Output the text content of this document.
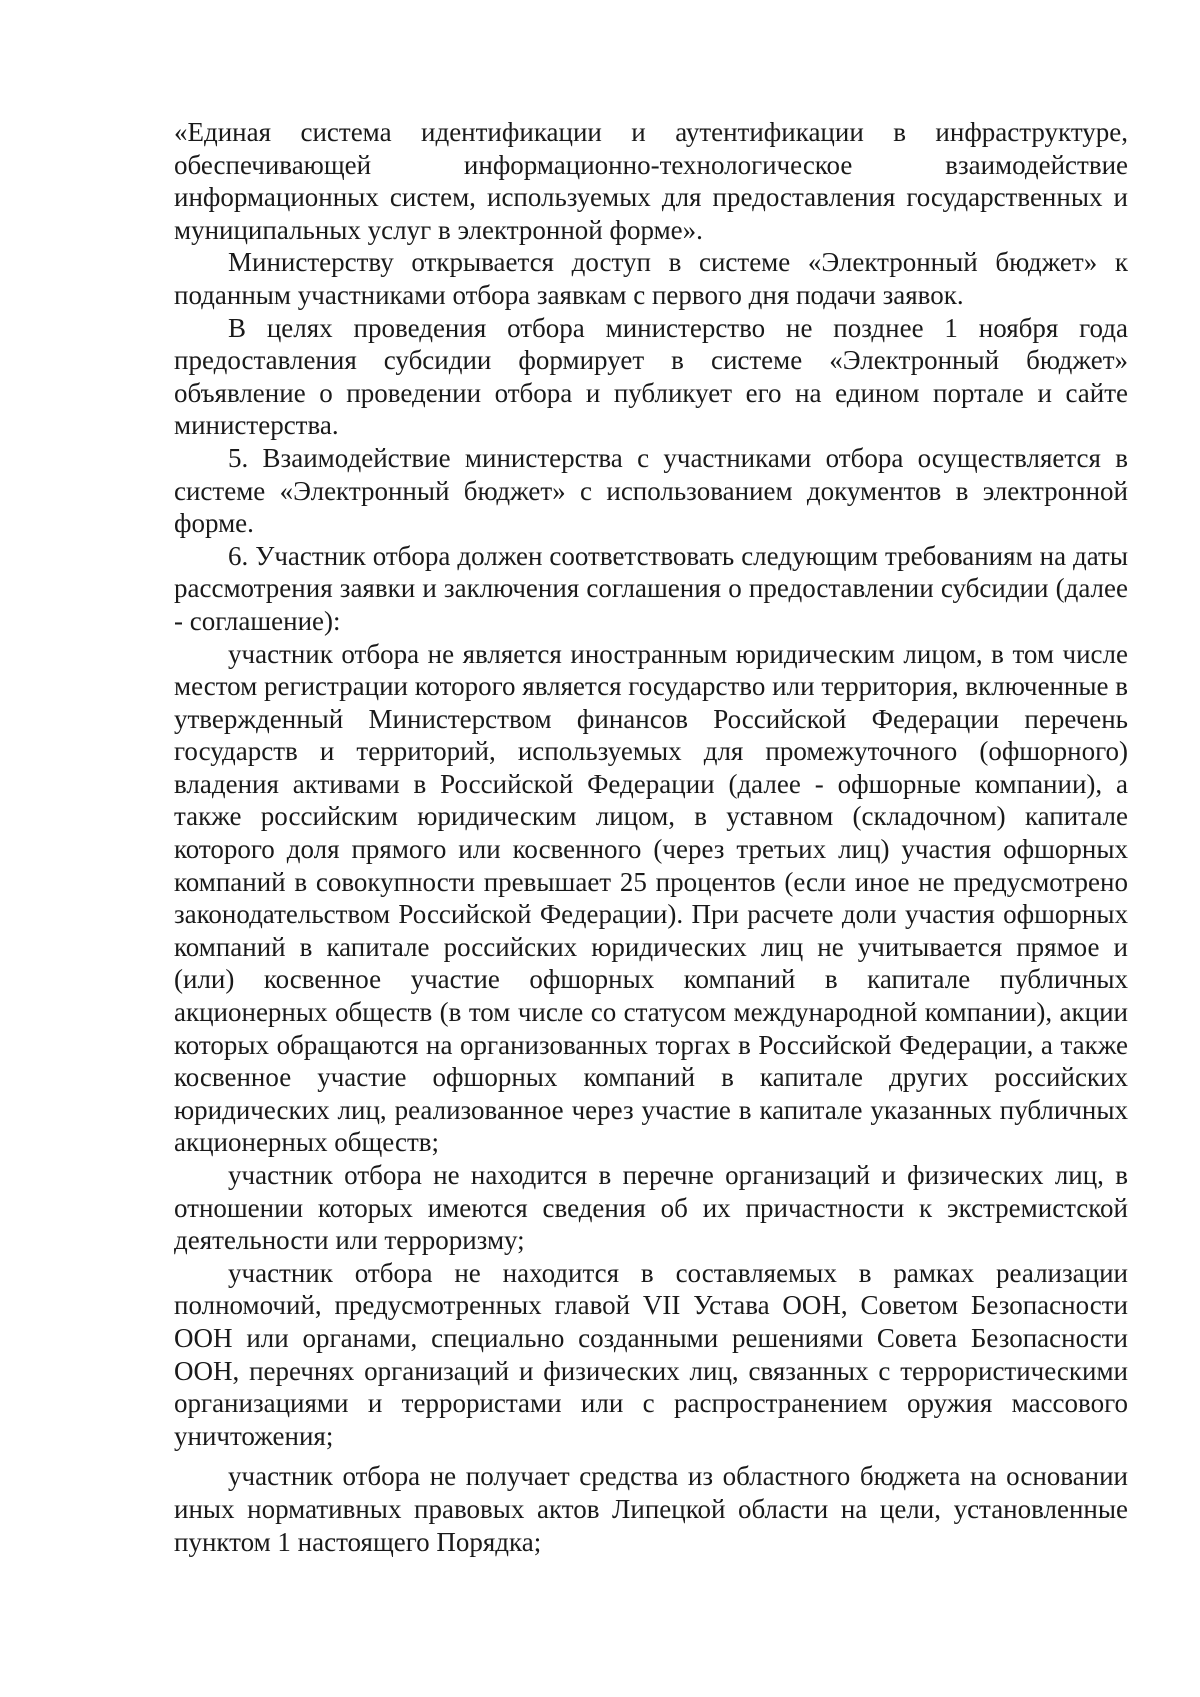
«Единая система идентификации и аутентификации в инфраструктуре, обеспечивающей информационно-технологическое взаимодействие информационных систем, используемых для предоставления государственных и муниципальных услуг в электронной форме».

Министерству открывается доступ в системе «Электронный бюджет» к поданным участниками отбора заявкам с первого дня подачи заявок.

В целях проведения отбора министерство не позднее 1 ноября года предоставления субсидии формирует в системе «Электронный бюджет» объявление о проведении отбора и публикует его на едином портале и сайте министерства.

5. Взаимодействие министерства с участниками отбора осуществляется в системе «Электронный бюджет» с использованием документов в электронной форме.

6. Участник отбора должен соответствовать следующим требованиям на даты рассмотрения заявки и заключения соглашения о предоставлении субсидии (далее - соглашение):

участник отбора не является иностранным юридическим лицом, в том числе местом регистрации которого является государство или территория, включенные в утвержденный Министерством финансов Российской Федерации перечень государств и территорий, используемых для промежуточного (офшорного) владения активами в Российской Федерации (далее - офшорные компании), а также российским юридическим лицом, в уставном (складочном) капитале которого доля прямого или косвенного (через третьих лиц) участия офшорных компаний в совокупности превышает 25 процентов (если иное не предусмотрено законодательством Российской Федерации). При расчете доли участия офшорных компаний в капитале российских юридических лиц не учитывается прямое и (или) косвенное участие офшорных компаний в капитале публичных акционерных обществ (в том числе со статусом международной компании), акции которых обращаются на организованных торгах в Российской Федерации, а также косвенное участие офшорных компаний в капитале других российских юридических лиц, реализованное через участие в капитале указанных публичных акционерных обществ;

участник отбора не находится в перечне организаций и физических лиц, в отношении которых имеются сведения об их причастности к экстремистской деятельности или терроризму;

участник отбора не находится в составляемых в рамках реализации полномочий, предусмотренных главой VII Устава ООН, Советом Безопасности ООН или органами, специально созданными решениями Совета Безопасности ООН, перечнях организаций и физических лиц, связанных с террористическими организациями и террористами или с распространением оружия массового уничтожения;

участник отбора не получает средства из областного бюджета на основании иных нормативных правовых актов Липецкой области на цели, установленные пунктом 1 настоящего Порядка;
